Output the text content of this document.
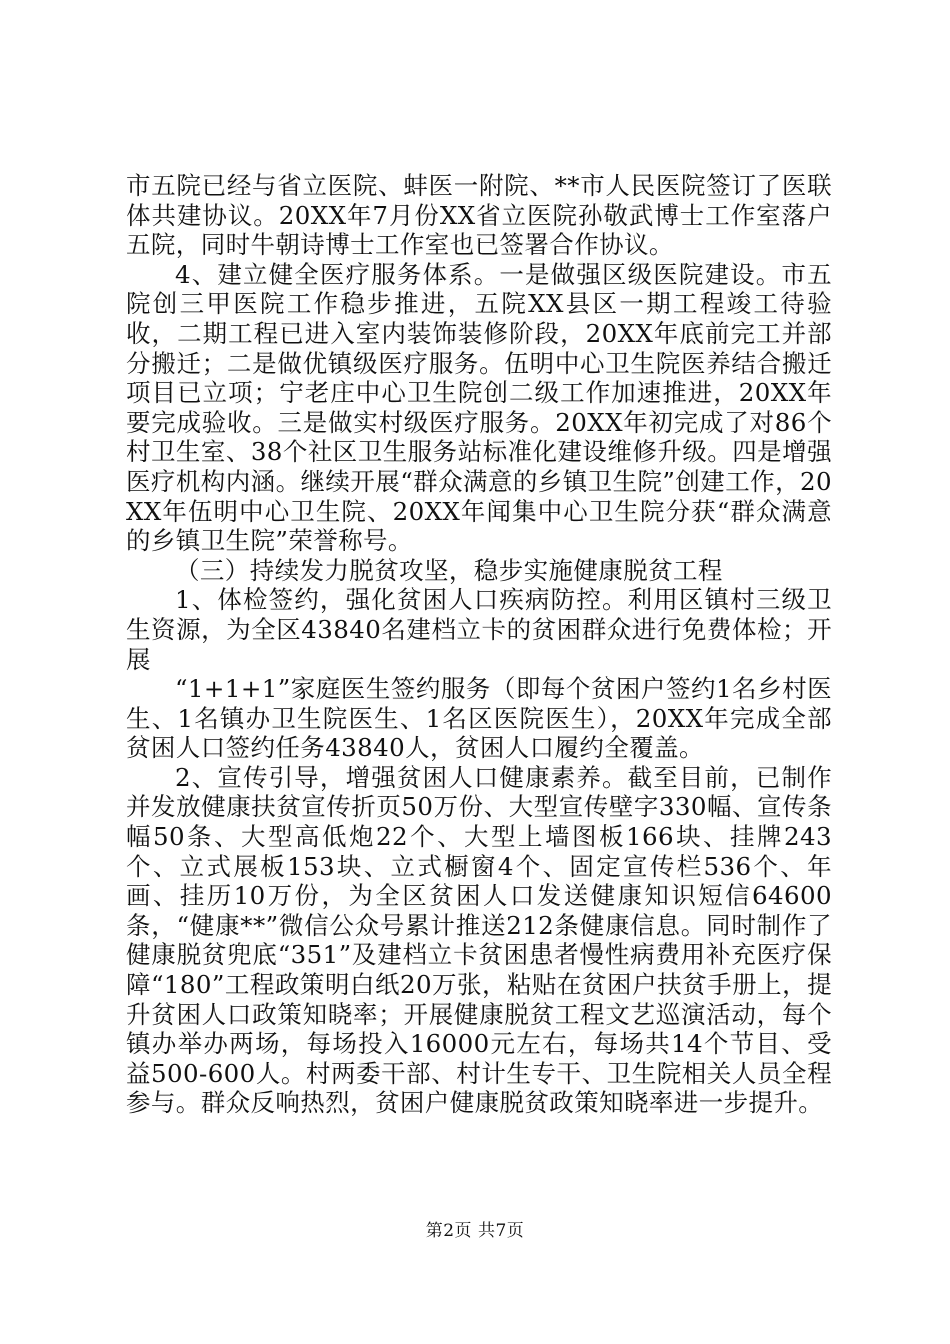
市五院已经与省立医院、蚌医一附院、**市人民医院签订了医联体共建协议。20XX年7月份XX省立医院孙敬武博士工作室落户五院，同时牛朝诗博士工作室也已签署合作协议。

4、建立健全医疗服务体系。一是做强区级医院建设。市五院创三甲医院工作稳步推进，五院XX县区一期工程竣工待验收，二期工程已进入室内装饰装修阶段，20XX年底前完工并部分搬迁；二是做优镇级医疗服务。伍明中心卫生院医养结合搬迁项目已立项；宁老庄中心卫生院创二级工作加速推进，20XX年要完成验收。三是做实村级医疗服务。20XX年初完成了对86个村卫生室、38个社区卫生服务站标准化建设维修升级。四是增强医疗机构内涵。继续开展“群众满意的乡镇卫生院”创建工作，20XX年伍明中心卫生院、20XX年闻集中心卫生院分获“群众满意的乡镇卫生院”荣誉称号。

（三）持续发力脱贫攻坚，稳步实施健康脱贫工程

1、体检签约，强化贫困人口疾病防控。利用区镇村三级卫生资源，为全区43840名建档立卡的贫困群众进行免费体检；开展

“1+1+1”家庭医生签约服务（即每个贫困户签约1名乡村医生、1名镇办卫生院医生、1名区医院医生），20XX年完成全部贫困人口签约任务43840人，贫困人口履约全覆盖。

2、宣传引导，增强贫困人口健康素养。截至目前，已制作并发放健康扶贫宣传折页50万份、大型宣传壁字330幅、宣传条幅50条、大型高低炮22个、大型上墙图板166块、挂牌243个、立式展板153块、立式橱窗4个、固定宣传栏536个、年画、挂历10万份，为全区贫困人口发送健康知识短信64600条，“健康**”微信公众号累计推送212条健康信息。同时制作了健康脱贫兜底“351”及建档立卡贫困患者慢性病费用补充医疗保障“180”工程政策明白纸20万张，粘贴在贫困户扶贫手册上，提升贫困人口政策知晓率；开展健康脱贫工程文艺巡演活动，每个镇办举办两场，每场投入16000元左右，每场共14个节目、受益500-600人。村两委干部、村计生专干、卫生院相关人员全程参与。群众反响热烈，贫困户健康脱贫政策知晓率进一步提升。

第2页 共7页
